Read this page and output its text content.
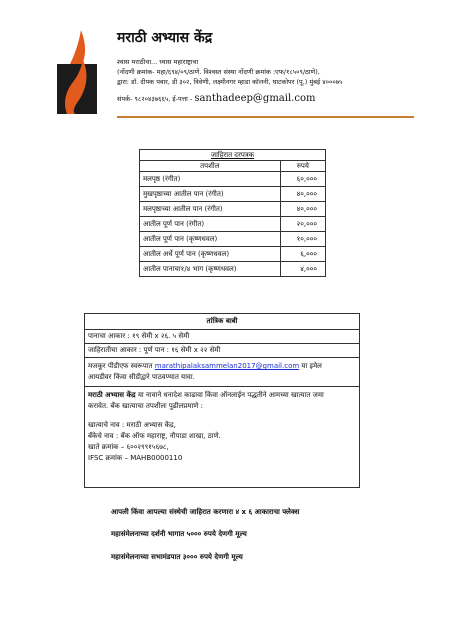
मराठी अभ्यास केंद्र
श्वास मराठीचा... ध्यास महाराष्ट्राचा
(नोंदणी क्रमांक- महा/६९४/०९/ठाणे. विश्वस्त संस्था नोंदणी क्रमांक :एफ/१८५०९/ठाणे),
द्वारा: डॉ. दीपक पवार, डी ३०२, त्रिवेणी, लक्ष्मीनगर म्हाडा कॉलनी, घाटकोपर (पू.) मुंबई ४०००७५
संपर्क- ९८२०४३७६६५, ई-पत्ता - santhadeep@gmail.com
जाहिरात दरपत्रक	
तपशील	रुपये
मलपृष्ठ (रंगीत)	६०,०००
मुखपृष्ठाच्या आतील पान (रंगीत)	४०,०००
मलपृष्ठाच्या आतील पान (रंगीत)	४०,०००
आतील पूर्ण पान (रंगीत)	२०,०००
आतील पूर्ण पान (कृष्णधवल)	१०,०००
आतील अर्धे पूर्ण पान (कृष्णधवल)	६,०००
आतील पानाचा१/४ भाग (कृष्णधवल)	४,०००
तांत्रिक बाबी
पानाचा आकार : १९ सेमी x २६. ५ सेमी
जाहिरातीचा आकार : पूर्ण पान : १६ सेमी x २२ सेमी
मजकूर पीडीएफ स्वरूपात marathipalaksammelan2017@gmail.com या इमेल
आयडीवर किंवा सीडीद्वारे पाठवण्यात यावा.
मराठी अभ्यास केंद्र या नावाने धनादेश काढावा किंवा ऑनलाईन पद्धतीने आमच्या खात्यात जमा
करावेत. बँक खात्याचा तपशीलः पुढीलप्रमाणे :
खात्याचे नाव : मराठी अभ्यास केंद्र,
बँकेचे नाव : बँक ऑफ महाराष्ट्र, नौपाडा शाखा, ठाणे.
खाते क्रमांक – ६००२९९१५६७८,
IFSC क्रमांक – MAHB0000110
आपली किंवा आपल्या संस्थेची जाहिरात करणारा ४ x ६ आकाराचा फ्लेक्स
महासंमेलनाच्या दर्शनी भागात ५००० रुपये देणगी मूल्य
महासंमेलनाच्या सभामंडपात ३००० रुपये देणगी मूल्य
